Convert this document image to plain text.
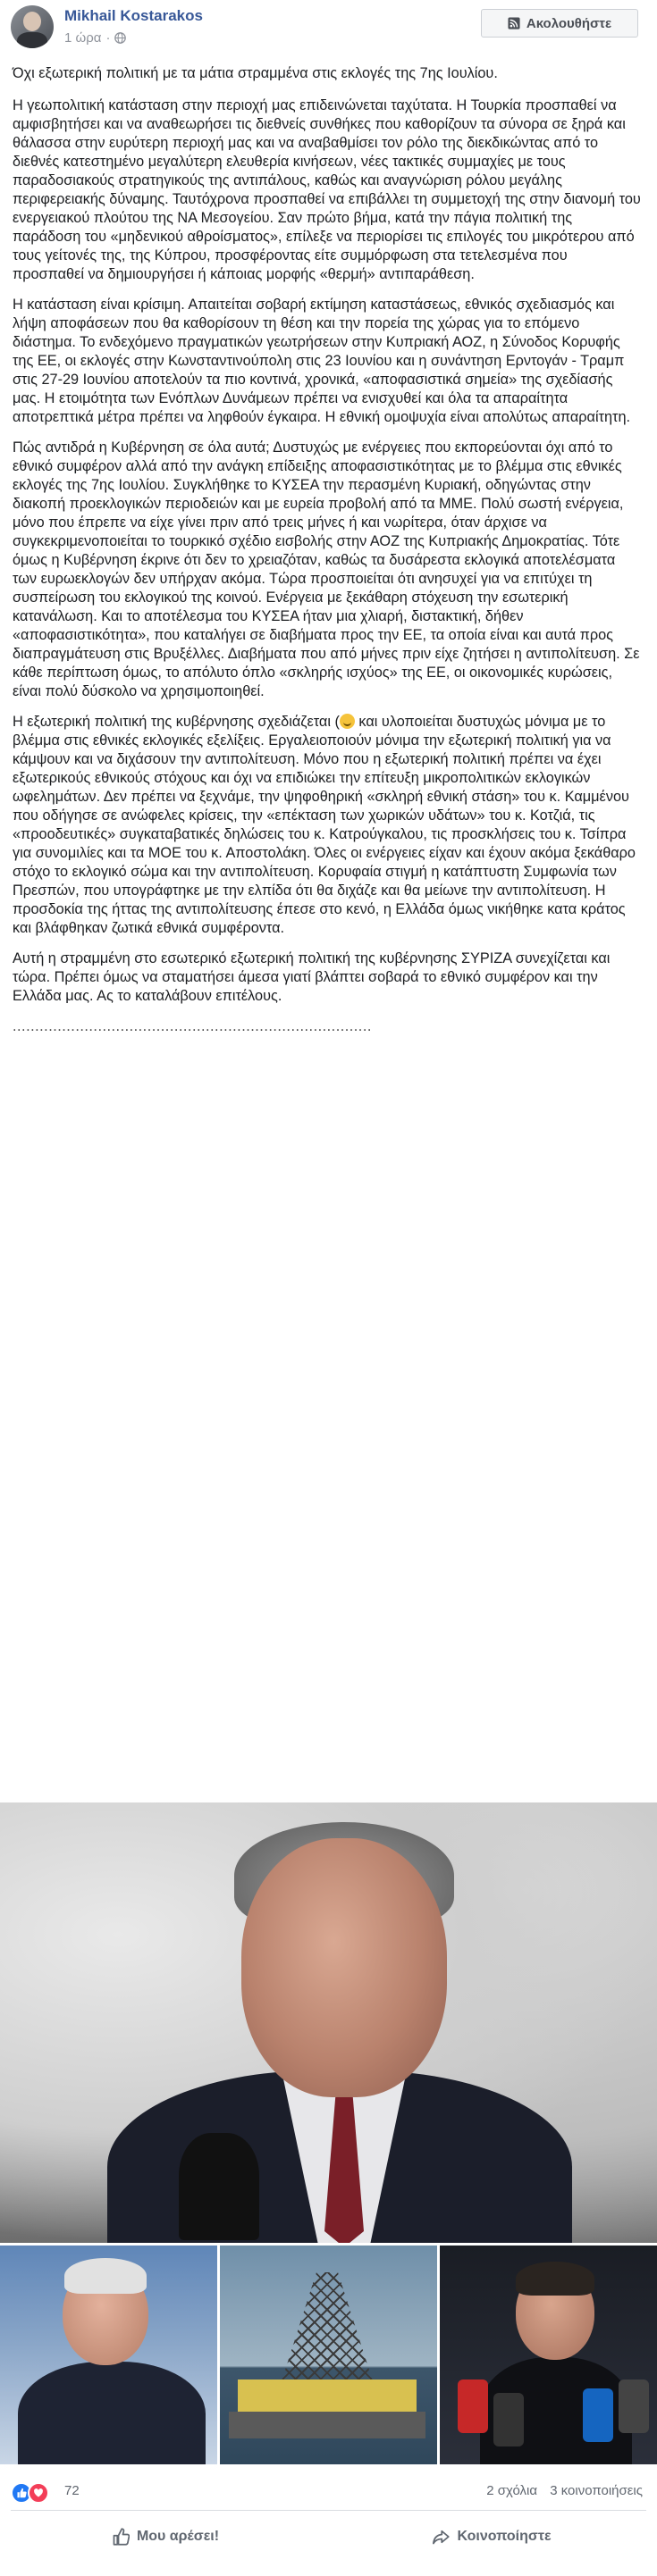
Mikhail Kostarakos
1 ώρα ·
Ακολουθήστε

Όχι εξωτερική πολιτική με τα μάτια στραμμένα στις εκλογές της 7ης Ιουλίου.

Η γεωπολιτική κατάσταση στην περιοχή μας επιδεινώνεται ταχύτατα. Η Τουρκία προσπαθεί να αμφισβητήσει και να αναθεωρήσει τις διεθνείς συνθήκες που καθορίζουν τα σύνορα σε ξηρά και θάλασσα στην ευρύτερη περιοχή μας και να αναβαθμίσει τον ρόλο της διεκδικώντας από το διεθνές κατεστημένο μεγαλύτερη ελευθερία κινήσεων, νέες τακτικές συμμαχίες με τους παραδοσιακούς στρατηγικούς της αντιπάλους, καθώς και αναγνώριση ρόλου μεγάλης περιφερειακής δύναμης. Ταυτόχρονα προσπαθεί να επιβάλλει τη συμμετοχή της στην διανομή του ενεργειακού πλούτου της ΝΑ Μεσογείου. Σαν πρώτο βήμα, κατά την πάγια πολιτική της παράδοση του «μηδενικού αθροίσματος», επίλεξε να περιορίσει τις επιλογές του μικρότερου από τους γείτονές της, της Κύπρου, προσφέροντας είτε συμμόρφωση στα τετελεσμένα που προσπαθεί να δημιουργήσει ή κάποιας μορφής «θερμή» αντιπαράθεση.

Η κατάσταση είναι κρίσιμη. Απαιτείται σοβαρή εκτίμηση καταστάσεως, εθνικός σχεδιασμός και λήψη αποφάσεων που θα καθορίσουν τη θέση και την πορεία της χώρας για το επόμενο διάστημα. Το ενδεχόμενο πραγματικών γεωτρήσεων στην Κυπριακή ΑΟΖ, η Σύνοδος Κορυφής της ΕΕ, οι εκλογές στην Κωνσταντινούπολη στις 23 Ιουνίου και η συνάντηση Ερντογάν - Τραμπ στις 27-29 Ιουνίου αποτελούν τα πιο κοντινά, χρονικά, «αποφασιστικά σημεία» της σχεδίασής μας. Η ετοιμότητα των Ενόπλων Δυνάμεων πρέπει να ενισχυθεί και όλα τα απαραίτητα αποτρεπτικά μέτρα πρέπει να ληφθούν έγκαιρα. Η εθνική ομοψυχία είναι απολύτως απαραίτητη.

Πώς αντιδρά η Κυβέρνηση σε όλα αυτά; Δυστυχώς με ενέργειες που εκπορεύονται όχι από το εθνικό συμφέρον αλλά από την ανάγκη επίδειξης αποφασιστικότητας με το βλέμμα στις εθνικές εκλογές της 7ης Ιουλίου. Συγκλήθηκε το ΚΥΣΕΑ την περασμένη Κυριακή, οδηγώντας στην διακοπή προεκλογικών περιοδειών και με ευρεία προβολή από τα ΜΜΕ. Πολύ σωστή ενέργεια, μόνο που έπρεπε να είχε γίνει πριν από τρεις μήνες ή και νωρίτερα, όταν άρχισε να συγκεκριμενοποιείται το τουρκικό σχέδιο εισβολής στην ΑΟΖ της Κυπριακής Δημοκρατίας. Τότε όμως η Κυβέρνηση έκρινε ότι δεν το χρειαζόταν, καθώς τα δυσάρεστα εκλογικά αποτελέσματα των ευρωεκλογών δεν υπήρχαν ακόμα. Τώρα προσποιείται ότι ανησυχεί για να επιτύχει τη συσπείρωση του εκλογικού της κοινού. Ενέργεια με ξεκάθαρη στόχευση την εσωτερική κατανάλωση. Και το αποτέλεσμα του ΚΥΣΕΑ ήταν μια χλιαρή, διστακτική, δήθεν «αποφασιστικότητα», που καταλήγει σε διαβήματα προς την ΕΕ, τα οποία είναι και αυτά προς διαπραγμάτευση στις Βρυξέλλες. Διαβήματα που από μήνες πριν είχε ζητήσει η αντιπολίτευση. Σε κάθε περίπτωση όμως, το απόλυτο όπλο «σκληρής ισχύος» της ΕΕ, οι οικονομικές κυρώσεις, είναι πολύ δύσκολο να χρησιμοποιηθεί.

Η εξωτερική πολιτική της κυβέρνησης σχεδιάζεται ( και υλοποιείται δυστυχώς μόνιμα με το βλέμμα στις εθνικές εκλογικές εξελίξεις. Εργαλειοποιούν μόνιμα την εξωτερική πολιτική για να κάμψουν και να διχάσουν την αντιπολίτευση. Μόνο που η εξωτερική πολιτική πρέπει να έχει εξωτερικούς εθνικούς στόχους και όχι να επιδιώκει την επίτευξη μικροπολιτικών εκλογικών ωφελημάτων. Δεν πρέπει να ξεχνάμε, την ψηφοθηρική «σκληρή εθνική στάση» του κ. Καμμένου που οδήγησε σε ανώφελες κρίσεις, την «επέκταση των χωρικών υδάτων» του κ. Κοτζιά, τις «προοδευτικές» συγκαταβατικές δηλώσεις του κ. Κατρούγκαλου, τις προσκλήσεις του κ. Τσίπρα για συνομιλίες και τα ΜΟΕ του κ. Αποστολάκη. Όλες οι ενέργειες είχαν και έχουν ακόμα ξεκάθαρο στόχο το εκλογικό σώμα και την αντιπολίτευση. Κορυφαία στιγμή η κατάπτυστη Συμφωνία των Πρεσπών, που υπογράφτηκε με την ελπίδα ότι θα διχάζε και θα μείωνε την αντιπολίτευση. Η προσδοκία της ήττας της αντιπολίτευσης έπεσε στο κενό, η Ελλάδα όμως νικήθηκε κατα κράτος και βλάφθηκαν ζωτικά εθνικά συμφέροντα.

Αυτή η στραμμένη στο εσωτερικό εξωτερική πολιτική της κυβέρνησης ΣΥΡΙΖΑ συνεχίζεται και τώρα. Πρέπει όμως να σταματήσει άμεσα γιατί βλάπτει σοβαρά το εθνικό συμφέρον και την Ελλάδα μας. Ας το καταλάβουν επιτέλους.

................................................................................

72	2 σχόλια 3 κοινοποιήσεις
Μου αρέσει!	Κοινοποίηστε
